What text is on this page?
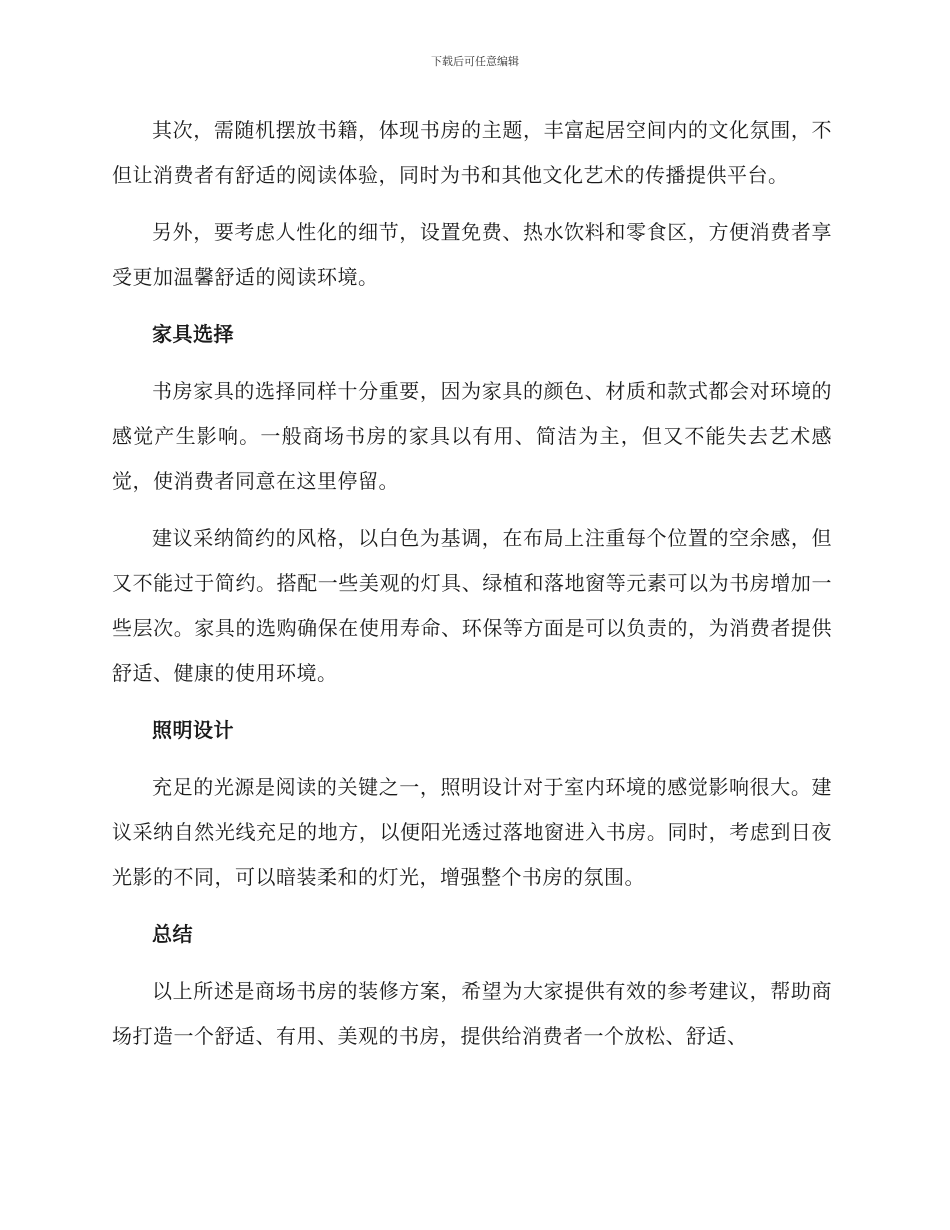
下载后可任意编辑

其次，需随机摆放书籍，体现书房的主题，丰富起居空间内的文化氛围，不但让消费者有舒适的阅读体验，同时为书和其他文化艺术的传播提供平台。

另外，要考虑人性化的细节，设置免费、热水饮料和零食区，方便消费者享受更加温馨舒适的阅读环境。

家具选择

书房家具的选择同样十分重要，因为家具的颜色、材质和款式都会对环境的感觉产生影响。一般商场书房的家具以有用、简洁为主，但又不能失去艺术感觉，使消费者同意在这里停留。

建议采纳简约的风格，以白色为基调，在布局上注重每个位置的空余感，但又不能过于简约。搭配一些美观的灯具、绿植和落地窗等元素可以为书房增加一些层次。家具的选购确保在使用寿命、环保等方面是可以负责的，为消费者提供舒适、健康的使用环境。

照明设计

充足的光源是阅读的关键之一，照明设计对于室内环境的感觉影响很大。建议采纳自然光线充足的地方，以便阳光透过落地窗进入书房。同时，考虑到日夜光影的不同，可以暗装柔和的灯光，增强整个书房的氛围。

总结

以上所述是商场书房的装修方案，希望为大家提供有效的参考建议，帮助商场打造一个舒适、有用、美观的书房，提供给消费者一个放松、舒适、
